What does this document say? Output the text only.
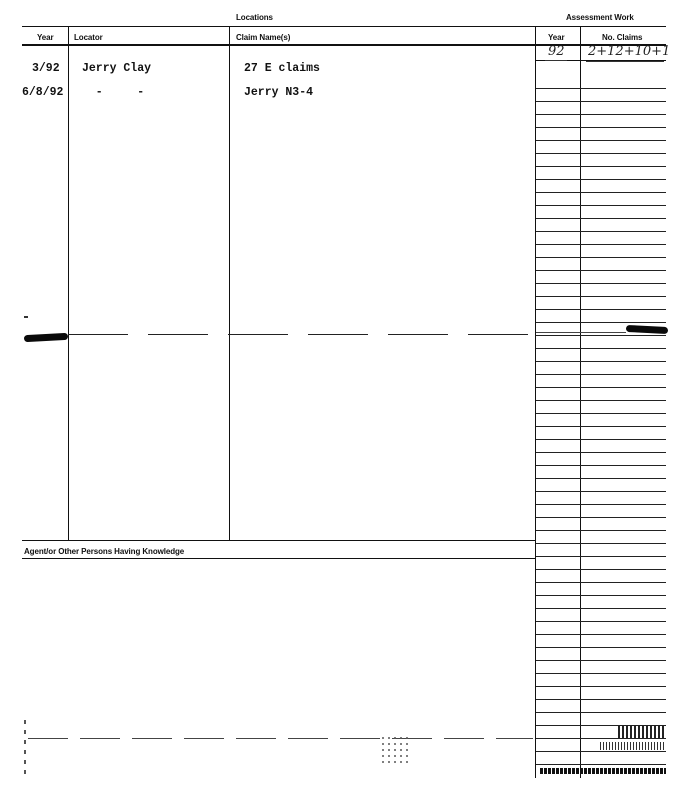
Locations	Assessment Work
Year	Locator	Claim Name(s)	Year	No. Claims
Agent/or Other Persons Having Knowledge
3/92 Jerry Clay	27 E claims
6/8/92 -     -	Jerry N3-4
92 2+12+10+1
